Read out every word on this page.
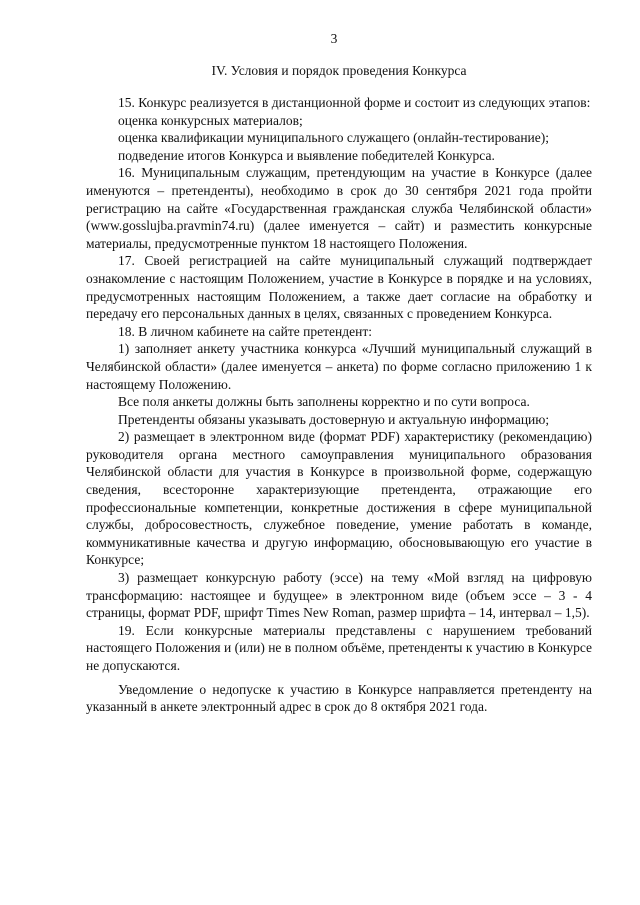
3
IV. Условия и порядок проведения Конкурса

15. Конкурс реализуется в дистанционной форме и состоит из следующих этапов:

оценка конкурсных материалов;

оценка квалификации муниципального служащего (онлайн-тестирование);

подведение итогов Конкурса и выявление победителей Конкурса.

16. Муниципальным служащим, претендующим на участие в Конкурсе (далее именуются – претенденты), необходимо в срок до 30 сентября 2021 года пройти регистрацию на сайте «Государственная гражданская служба Челябинской области» (www.gosslujba.pravmin74.ru) (далее именуется – сайт) и разместить конкурсные материалы, предусмотренные пунктом 18 настоящего Положения.

17. Своей регистрацией на сайте муниципальный служащий подтверждает ознакомление с настоящим Положением, участие в Конкурсе в порядке и на условиях, предусмотренных настоящим Положением, а также дает согласие на обработку и передачу его персональных данных в целях, связанных с проведением Конкурса.

18. В личном кабинете на сайте претендент:

1) заполняет анкету участника конкурса «Лучший муниципальный служащий в Челябинской области» (далее именуется – анкета) по форме согласно приложению 1 к настоящему Положению.

Все поля анкеты должны быть заполнены корректно и по сути вопроса.

Претенденты обязаны указывать достоверную и актуальную информацию;

2) размещает в электронном виде (формат PDF) характеристику (рекомендацию) руководителя органа местного самоуправления муниципального образования Челябинской области для участия в Конкурсе в произвольной форме, содержащую сведения, всесторонне характеризующие претендента, отражающие его профессиональные компетенции, конкретные достижения в сфере муниципальной службы, добросовестность, служебное поведение, умение работать в команде, коммуникативные качества и другую информацию, обосновывающую его участие в Конкурсе;

3) размещает конкурсную работу (эссе) на тему «Мой взгляд на цифровую трансформацию: настоящее и будущее» в электронном виде (объем эссе – 3 - 4 страницы, формат PDF, шрифт Times New Roman, размер шрифта – 14, интервал – 1,5).

19. Если конкурсные материалы представлены с нарушением требований настоящего Положения и (или) не в полном объёме, претенденты к участию в Конкурсе не допускаются.

Уведомление о недопуске к участию в Конкурсе направляется претенденту на указанный в анкете электронный адрес в срок до 8 октября 2021 года.
